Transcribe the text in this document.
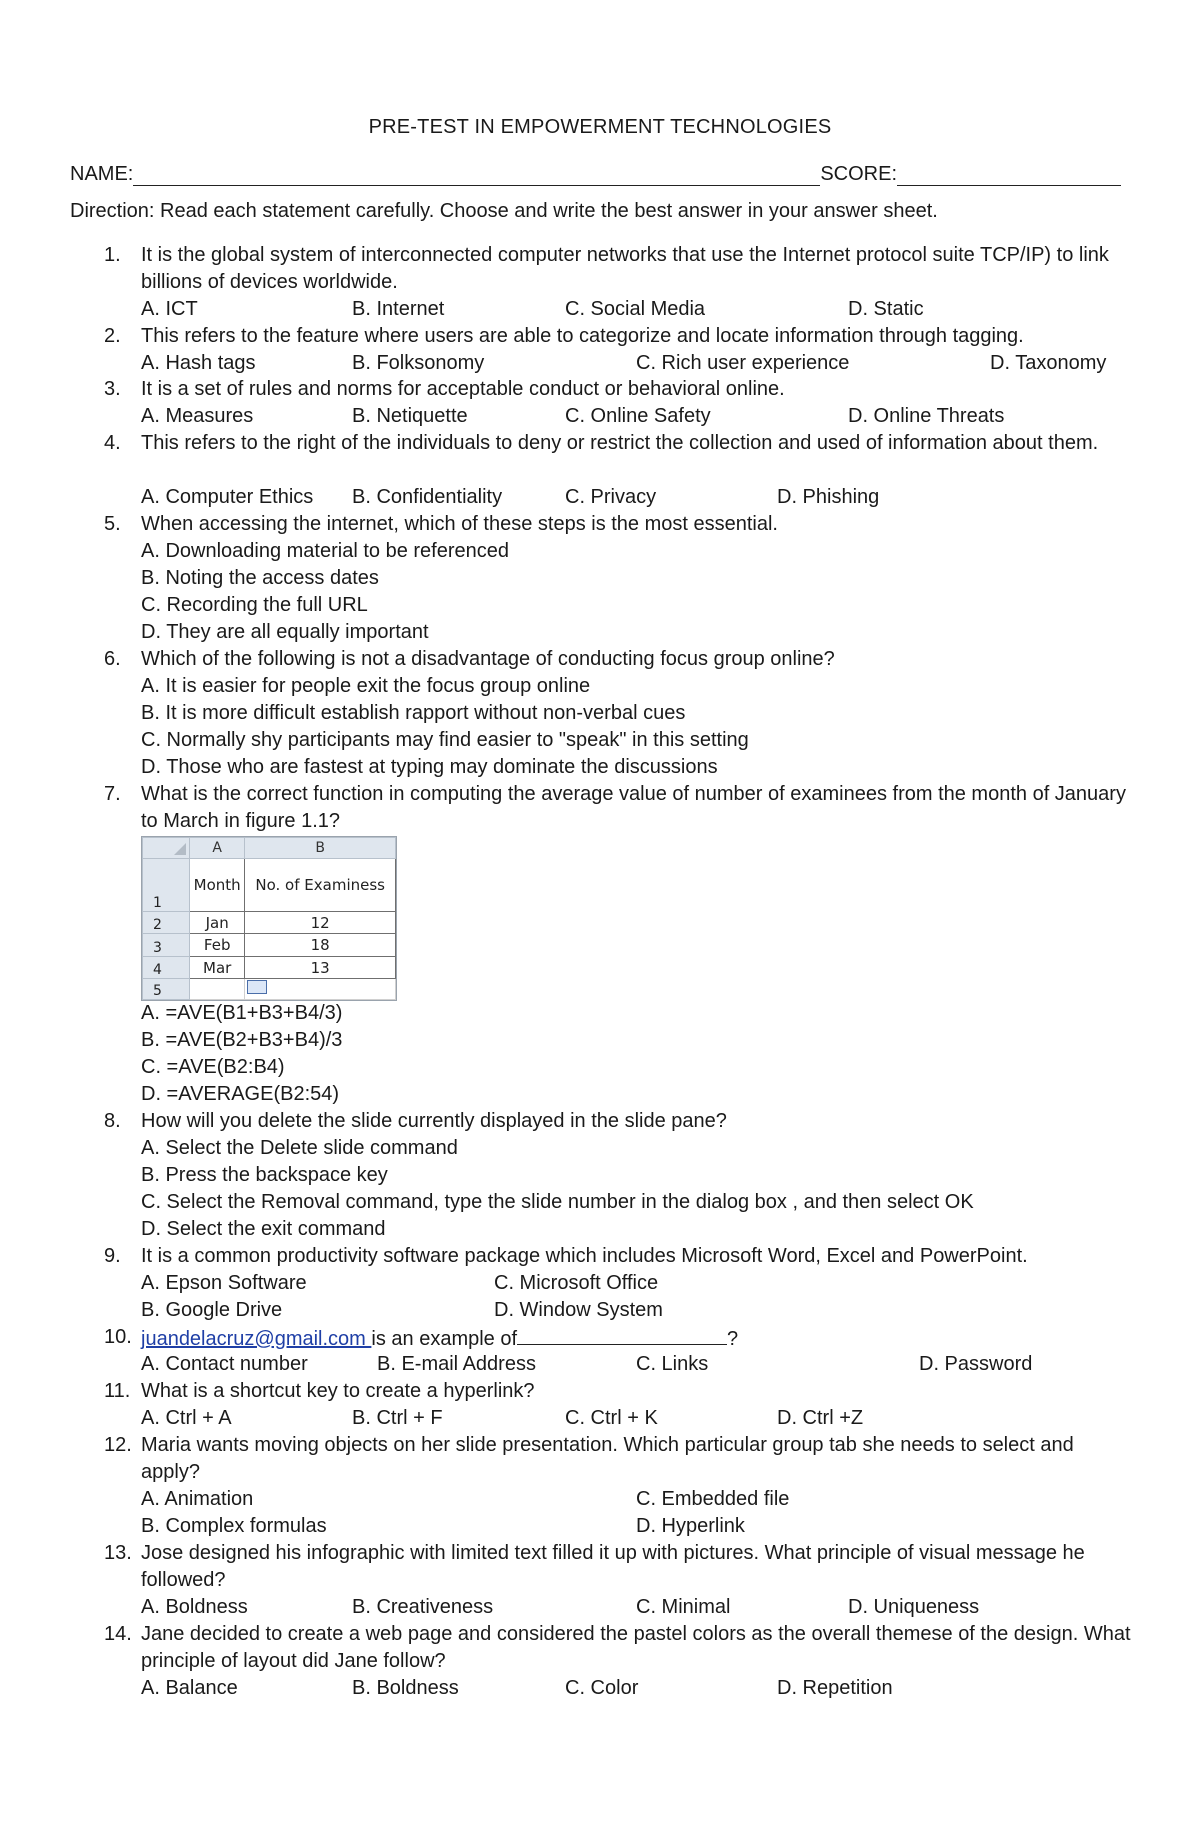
PRE-TEST IN EMPOWERMENT TECHNOLOGIES
NAME:	SCORE:
Direction: Read each statement carefully. Choose and write the best answer in your answer sheet.
1.	It is the global system of interconnected computer networks that use the Internet protocol suite TCP/IP) to link billions of devices worldwide.
A. ICT	B. Internet	C. Social Media	D. Static
2.	This refers to the feature where users are able to categorize and locate information through tagging.
A. Hash tags	B. Folksonomy	C. Rich user experience	D. Taxonomy
3.	It is a set of rules and norms for acceptable conduct or behavioral online.
A. Measures	B. Netiquette	C. Online Safety	D. Online Threats
4.	This refers to the right of the individuals to deny or restrict the collection and used of information about them.
A. Computer Ethics B. Confidentiality	C. Privacy	D. Phishing
5.	When accessing the internet, which of these steps is the most essential.
A. Downloading material to be referenced
B. Noting the access dates
C. Recording the full URL
D. They are all equally important
6.	Which of the following is not a disadvantage of conducting focus group online?
A. It is easier for people exit the focus group online
B. It is more difficult establish rapport without non-verbal cues
C. Normally shy participants may find easier to "speak" in this setting
D. Those who are fastest at typing may dominate the discussions
7.	What is the correct function in computing the average value of number of examinees from the month of January to March in figure 1.1?
	A	B
1	Month	No. of Examiness
2	Jan	12
3	Feb	18
4	Mar	13
5		
A. =AVE(B1+B3+B4/3)
B. =AVE(B2+B3+B4)/3
C. =AVE(B2:B4)
D. =AVERAGE(B2:54)
8.	How will you delete the slide currently displayed in the slide pane?
A. Select the Delete slide command
B. Press the backspace key
C. Select the Removal command, type the slide number in the dialog box , and then select OK
D. Select the exit command
9.	It is a common productivity software package which includes Microsoft Word, Excel and PowerPoint.
A. Epson Software	C. Microsoft Office
B. Google Drive	D. Window System
10. juandelacruz@gmail.com is an example of	?
A. Contact number	B. E-mail Address	C. Links	D. Password
11. What is a shortcut key to create a hyperlink?
A. Ctrl + A	B. Ctrl + F	C. Ctrl + K	D. Ctrl +Z
12. Maria wants moving objects on her slide presentation. Which particular group tab she needs to select and apply?
A. Animation	C. Embedded file
B. Complex formulas	D. Hyperlink
13. Jose designed his infographic with limited text filled it up with pictures. What principle of visual message he followed?
A. Boldness	B. Creativeness	C. Minimal	D. Uniqueness
14. Jane decided to create a web page and considered the pastel colors as the overall themese of the design. What principle of layout did Jane follow?
A. Balance	B. Boldness	C. Color	D. Repetition
